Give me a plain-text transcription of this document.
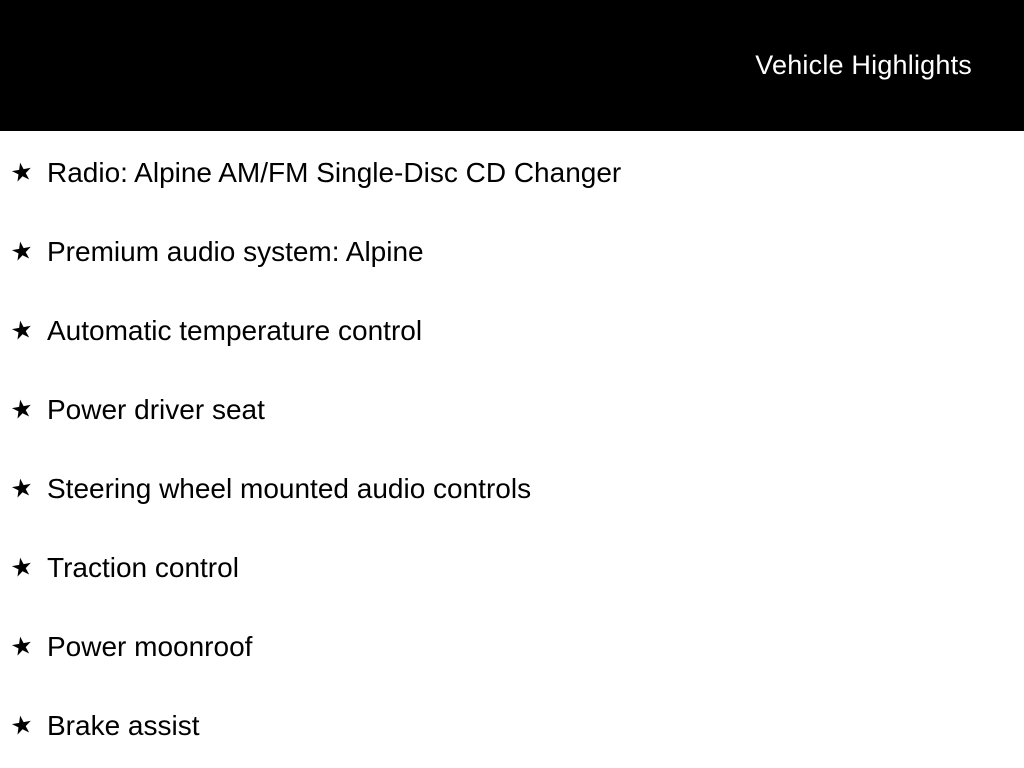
Vehicle Highlights
★ Radio: Alpine AM/FM Single-Disc CD Changer
★ Premium audio system: Alpine
★ Automatic temperature control
★ Power driver seat
★ Steering wheel mounted audio controls
★ Traction control
★ Power moonroof
★ Brake assist
